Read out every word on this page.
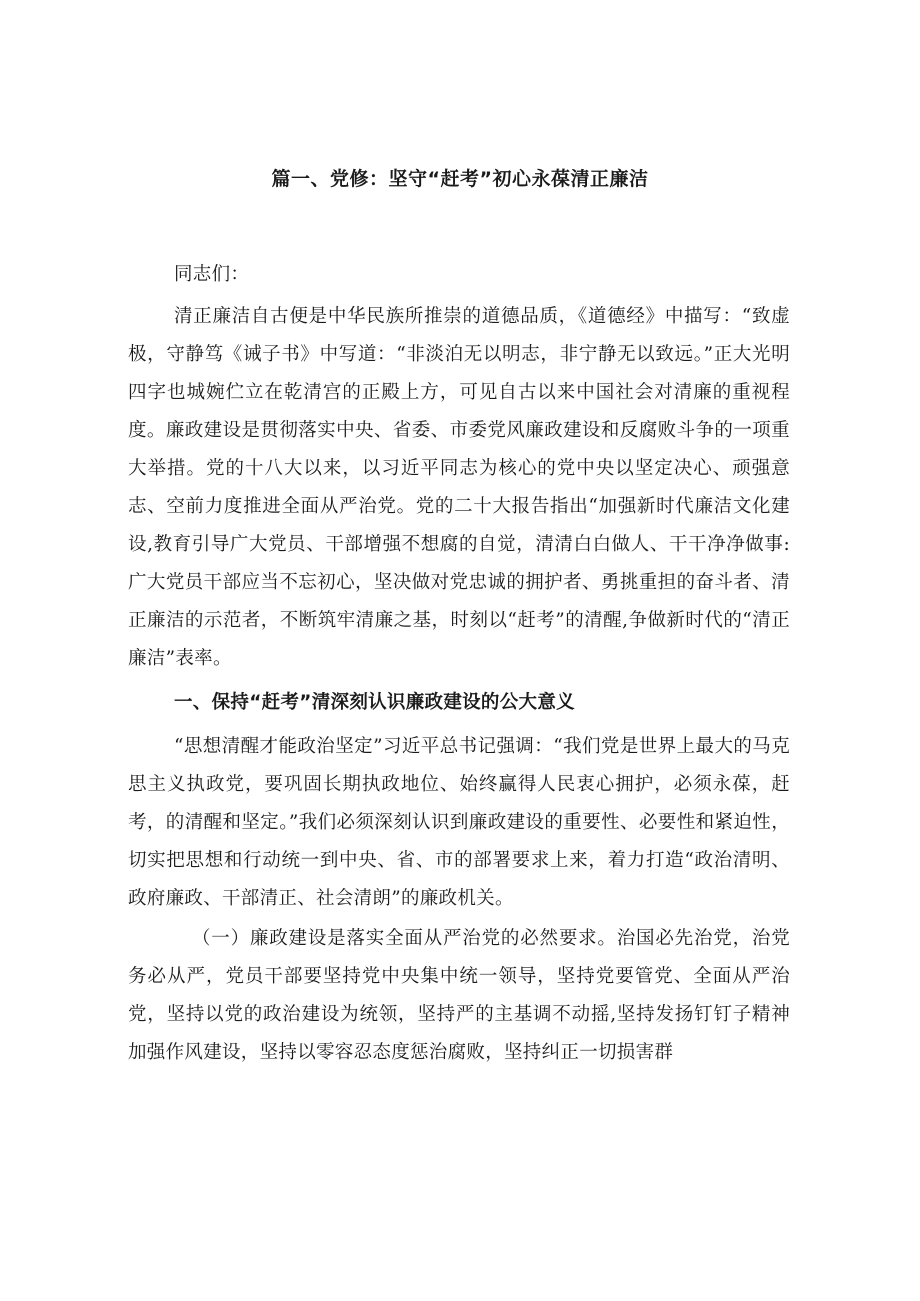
篇一、党修：坚守“赶考”初心永葆清正廉洁

同志们：

清正廉洁自古便是中华民族所推崇的道德品质，《道德经》中描写：“致虚极，守静笃《诫子书》中写道：“非淡泊无以明志，非宁静无以致远。”正大光明四字也城婉伫立在乾清宫的正殿上方，可见自古以来中国社会对清廉的重视程度。廉政建设是贯彻落实中央、省委、市委党风廉政建设和反腐败斗争的一项重大举措。党的十八大以来，以习近平同志为核心的党中央以坚定决心、顽强意志、空前力度推进全面从严治党。党的二十大报告指出“加强新时代廉洁文化建设,教育引导广大党员、干部增强不想腐的自觉，清清白白做人、干干净净做事:广大党员干部应当不忘初心，坚决做对党忠诚的拥护者、勇挑重担的奋斗者、清正廉洁的示范者，不断筑牢清廉之基，时刻以“赶考”的清醒,争做新时代的“清正廉洁”表率。

一、保持“赶考”清深刻认识廉政建设的公大意义

“思想清醒才能政治坚定”习近平总书记强调：“我们党是世界上最大的马克思主义执政党，要巩固长期执政地位、始终赢得人民衷心拥护，必须永葆，赶考，的清醒和坚定。”我们必须深刻认识到廉政建设的重要性、必要性和紧迫性，切实把思想和行动统一到中央、省、市的部署要求上来，着力打造“政治清明、政府廉政、干部清正、社会清朗”的廉政机关。

（一）廉政建设是落实全面从严治党的必然要求。治国必先治党，治党务必从严，党员干部要坚持党中央集中统一领导，坚持党要管党、全面从严治党，坚持以党的政治建设为统领，坚持严的主基调不动摇,坚持发扬钉钉子精神加强作风建设，坚持以零容忍态度惩治腐败，坚持纠正一切损害群
